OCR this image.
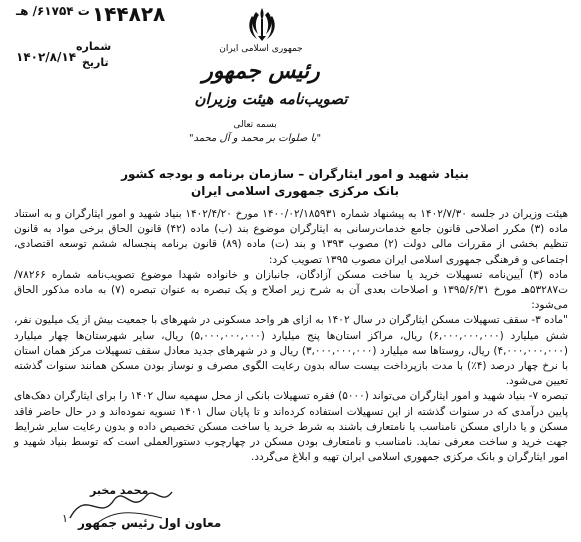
ت ۶۱۷۵۴/ هـ ۱۴۴۸۲۸
شماره
تاریخ
۱۴۰۲/۸/۱۴
جمهوری اسلامی ایران
رئیس جمهور
تصویب‌نامه هیئت وزیران
بسمه تعالی
"با صلوات بر محمد و آل محمد"
بنیاد شهید و امور ایثارگران – سازمان برنامه و بودجه کشور
بانک مرکزی جمهوری اسلامی ایران

هیئت وزیران در جلسه ۱۴۰۲/۷/۳۰ به پیشنهاد شماره ۱۴۰۰/۰۲/۱۸۵۹۳۱ مورخ ۱۴۰۲/۴/۲۰ بنیاد شهید و امور ایثارگران و به استناد ماده (۳) مکرر اصلاحی قانون جامع خدمات‌رسانی به ایثارگران موضوع بند (ب) ماده (۴۲) قانون الحاق برخی مواد به قانون تنظیم بخشی از مقررات مالی دولت (۲) مصوب ۱۳۹۳ و بند (ت) ماده (۸۹) قانون برنامه پنجساله ششم توسعه اقتصادی، اجتماعی و فرهنگی جمهوری اسلامی ایران مصوب ۱۳۹۵ تصویب کرد:

ماده (۳) آیین‌نامه تسهیلات خرید یا ساخت مسکن آزادگان، جانبازان و خانواده شهدا موضوع تصویب‌نامه شماره ۷۸۲۶۶/ت۵۳۲۸۷هـ مورخ ۱۳۹۵/۶/۳۱ و اصلاحات بعدی آن به شرح زیر اصلاح و یک تبصره به عنوان تبصره (۷) به ماده مذکور الحاق می‌شود:

"ماده ۳- سقف تسهیلات مسکن ایثارگران در سال ۱۴۰۲ به ازای هر واحد مسکونی در شهرهای با جمعیت بیش از یک میلیون نفر، شش میلیارد (۶,۰۰۰,۰۰۰,۰۰۰) ریال، مراکز استان‌ها پنج میلیارد (۵,۰۰۰,۰۰۰,۰۰۰) ریال، سایر شهرستان‌ها چهار میلیارد (۴,۰۰۰,۰۰۰,۰۰۰) ریال، روستاها سه میلیارد (۳,۰۰۰,۰۰۰,۰۰۰) ریال و در شهرهای جدید معادل سقف تسهیلات مرکز همان استان با نرخ چهار درصد (۴٪) با مدت بازپرداخت بیست ساله بدون رعایت الگوی مصرف و نوساز بودن مسکن همانند سنوات گذشته تعیین می‌شود.

تبصره ۷- بنیاد شهید و امور ایثارگران می‌تواند (۵۰۰۰) فقره تسهیلات بانکی از محل سهمیه سال ۱۴۰۲ را برای ایثارگران دهک‌های پایین درآمدی که در سنوات گذشته از این تسهیلات استفاده کرده‌اند و تا پایان سال ۱۴۰۱ تسویه نموده‌اند و در حال حاضر فاقد مسکن و یا دارای مسکن نامناسب یا نامتعارف باشند به شرط خرید یا ساخت مسکن تخصیص داده و بدون رعایت سایر شرایط جهت خرید و ساخت معرفی نماید. نامناسب و نامتعارف بودن مسکن در چهارچوب دستورالعملی است که توسط بنیاد شهید و امور ایثارگران و بانک مرکزی جمهوری اسلامی ایران تهیه و ابلاغ می‌گردد.

محمد مخبر
معاون اول رئیس جمهور
۱
